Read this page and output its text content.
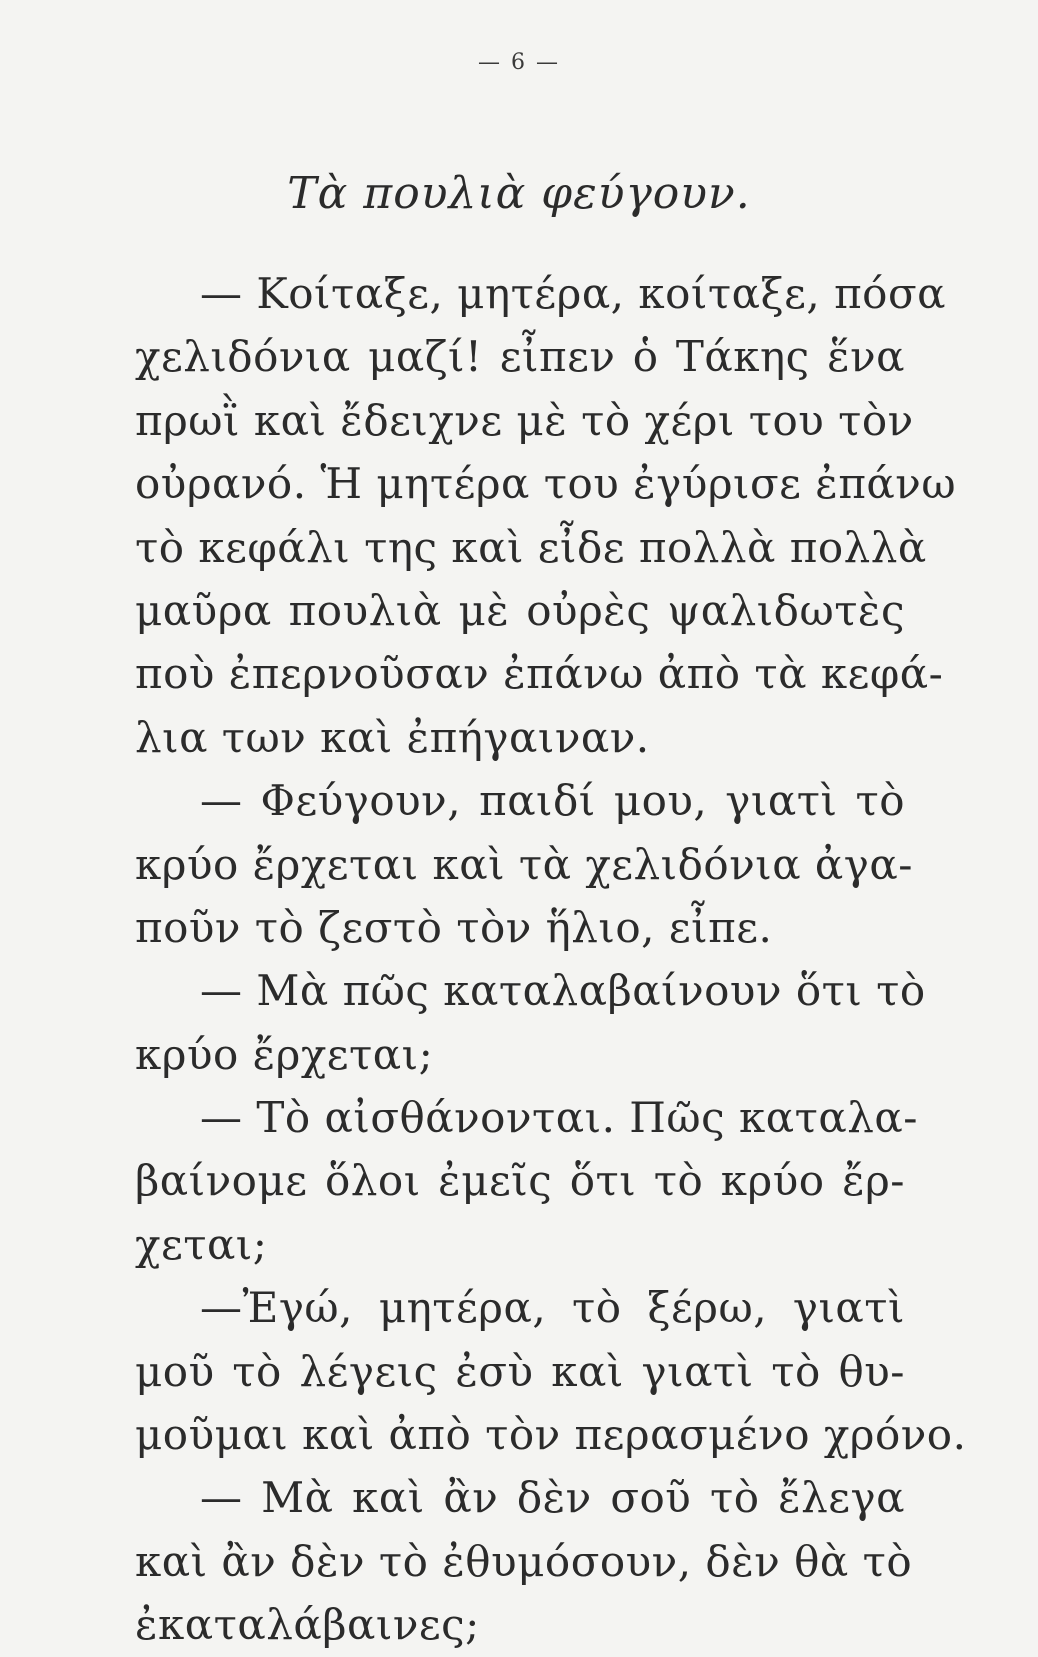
— 6 —
Τὰ πουλιὰ φεύγουν.
— Κοίταξε, μητέρα, κοίταξε, πόσα
χελιδόνια μαζί! εἶπεν ὁ Τάκης ἕνα
πρωῒ καὶ ἔδειχνε μὲ τὸ χέρι του τὸν
οὐρανό. Ἡ μητέρα του ἐγύρισε ἐπάνω
τὸ κεφάλι της καὶ εἶδε πολλὰ πολλὰ
μαῦρα πουλιὰ μὲ οὐρὲς ψαλιδωτὲς
ποὺ ἐπερνοῦσαν ἐπάνω ἀπὸ τὰ κεφά-
λια των καὶ ἐπήγαιναν.
— Φεύγουν, παιδί μου, γιατὶ τὸ
κρύο ἔρχεται καὶ τὰ χελιδόνια ἀγα-
ποῦν τὸ ζεστὸ τὸν ἥλιο, εἶπε.
— Μὰ πῶς καταλαβαίνουν ὅτι τὸ
κρύο ἔρχεται;
— Τὸ αἰσθάνονται. Πῶς καταλα-
βαίνομε ὅλοι ἐμεῖς ὅτι τὸ κρύο ἔρ-
χεται;
—Ἐγώ, μητέρα, τὸ ξέρω, γιατὶ
μοῦ τὸ λέγεις ἐσὺ καὶ γιατὶ τὸ θυ-
μοῦμαι καὶ ἀπὸ τὸν περασμένο χρόνο.
— Μὰ καὶ ἂν δὲν σοῦ τὸ ἔλεγα
καὶ ἂν δὲν τὸ ἐθυμόσουν, δὲν θὰ τὸ
ἐκαταλάβαινες;
